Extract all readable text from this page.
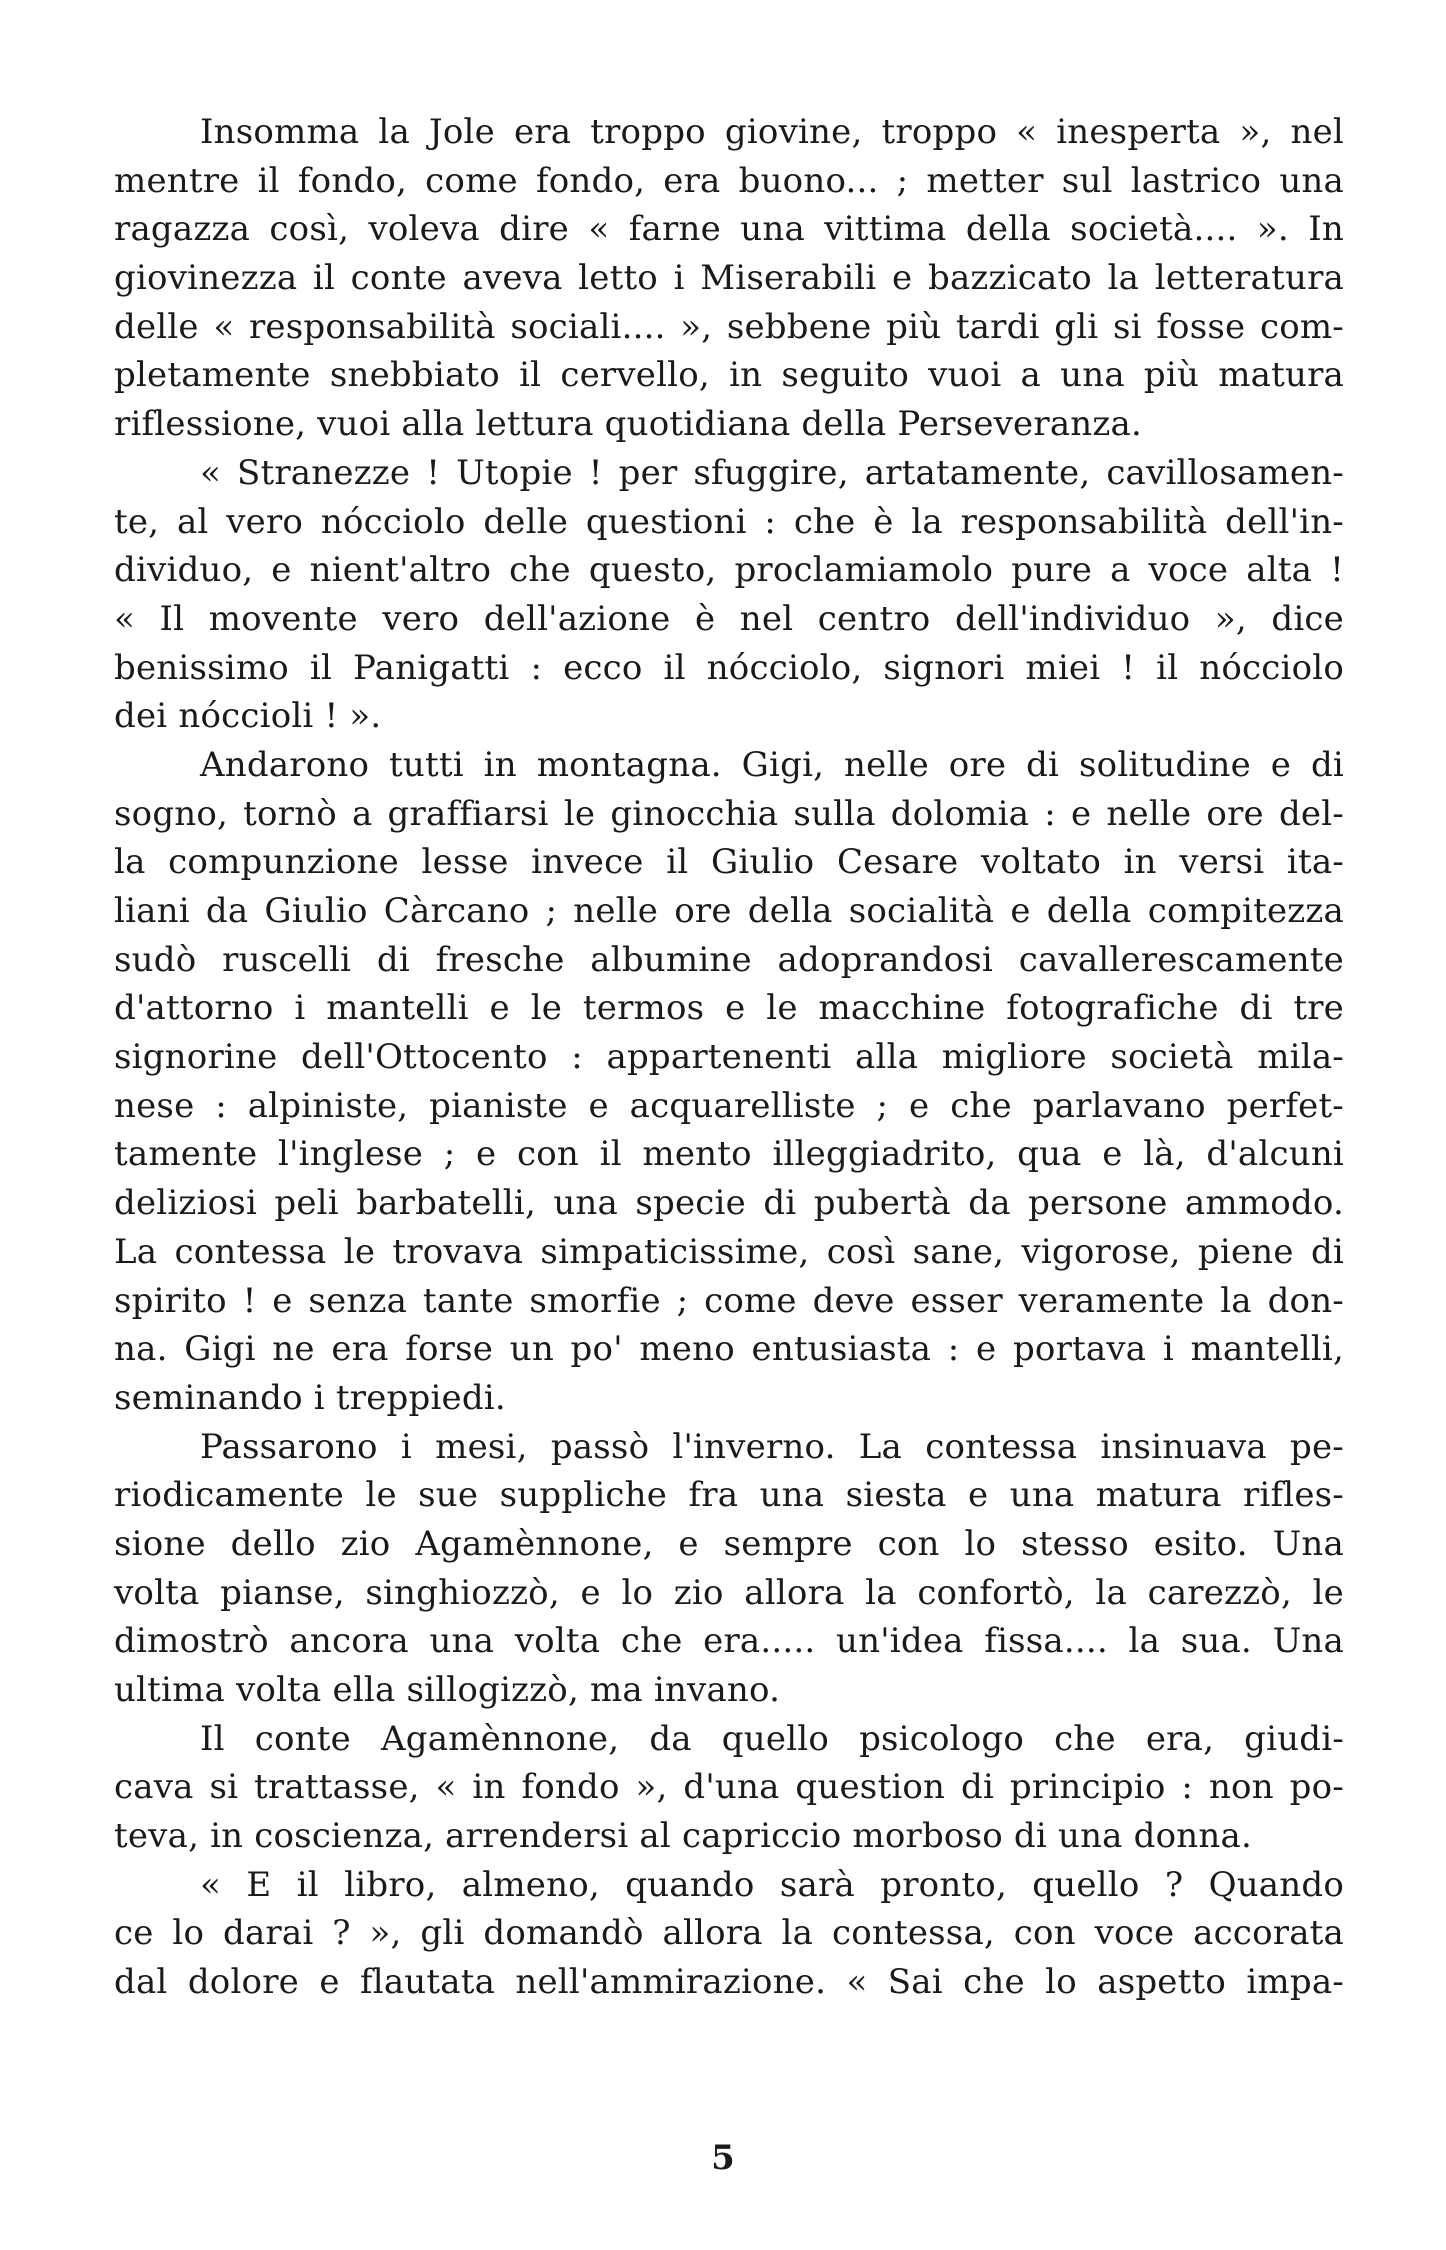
Insomma la Jole era troppo giovine, troppo « inesperta », nel
mentre il fondo, come fondo, era buono... ; metter sul lastrico una
ragazza così, voleva dire « farne una vittima della società.... ». In
giovinezza il conte aveva letto i Miserabili e bazzicato la letteratura
delle « responsabilità sociali.... », sebbene più tardi gli si fosse com-
pletamente snebbiato il cervello, in seguito vuoi a una più matura
riflessione, vuoi alla lettura quotidiana della Perseveranza.
« Stranezze ! Utopie ! per sfuggire, artatamente, cavillosamen-
te, al vero nócciolo delle questioni : che è la responsabilità dell'in-
dividuo, e nient'altro che questo, proclamiamolo pure a voce alta !
« Il movente vero dell'azione è nel centro dell'individuo », dice
benissimo il Panigatti : ecco il nócciolo, signori miei ! il nócciolo
dei nóccioli ! ».
Andarono tutti in montagna. Gigi, nelle ore di solitudine e di
sogno, tornò a graffiarsi le ginocchia sulla dolomia : e nelle ore del-
la compunzione lesse invece il Giulio Cesare voltato in versi ita-
liani da Giulio Càrcano ; nelle ore della socialità e della compitezza
sudò ruscelli di fresche albumine adoprandosi cavallerescamente
d'attorno i mantelli e le termos e le macchine fotografiche di tre
signorine dell'Ottocento : appartenenti alla migliore società mila-
nese : alpiniste, pianiste e acquarelliste ; e che parlavano perfet-
tamente l'inglese ; e con il mento illeggiadrito, qua e là, d'alcuni
deliziosi peli barbatelli, una specie di pubertà da persone ammodo.
La contessa le trovava simpaticissime, così sane, vigorose, piene di
spirito ! e senza tante smorfie ; come deve esser veramente la don-
na. Gigi ne era forse un po' meno entusiasta : e portava i mantelli,
seminando i treppiedi.
Passarono i mesi, passò l'inverno. La contessa insinuava pe-
riodicamente le sue suppliche fra una siesta e una matura rifles-
sione dello zio Agamènnone, e sempre con lo stesso esito. Una
volta pianse, singhiozzò, e lo zio allora la confortò, la carezzò, le
dimostrò ancora una volta che era..... un'idea fissa.... la sua. Una
ultima volta ella sillogizzò, ma invano.
Il conte Agamènnone, da quello psicologo che era, giudi-
cava si trattasse, « in fondo », d'una question di principio : non po-
teva, in coscienza, arrendersi al capriccio morboso di una donna.
« E il libro, almeno, quando sarà pronto, quello ? Quando
ce lo darai ? », gli domandò allora la contessa, con voce accorata
dal dolore e flautata nell'ammirazione. « Sai che lo aspetto impa-
5
